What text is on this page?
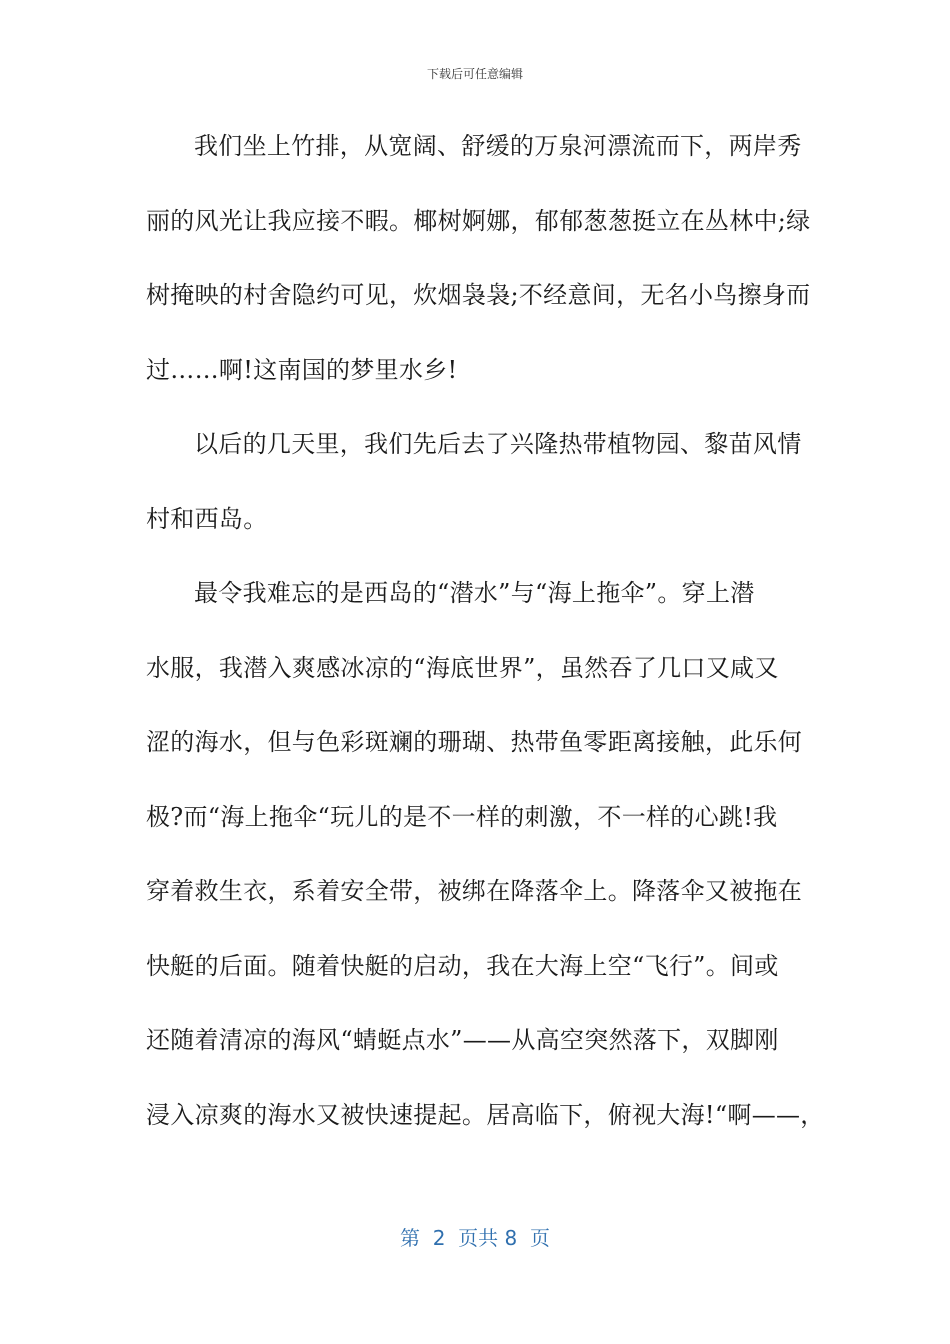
下载后可任意编辑
我们坐上竹排，从宽阔、舒缓的万泉河漂流而下，两岸秀
丽的风光让我应接不暇。椰树婀娜，郁郁葱葱挺立在丛林中;绿
树掩映的村舍隐约可见，炊烟袅袅;不经意间，无名小鸟擦身而
过……啊!这南国的梦里水乡!
以后的几天里，我们先后去了兴隆热带植物园、黎苗风情
村和西岛。
最令我难忘的是西岛的“潜水”与“海上拖伞”。穿上潜
水服，我潜入爽感冰凉的“海底世界”，虽然吞了几口又咸又
涩的海水，但与色彩斑斓的珊瑚、热带鱼零距离接触，此乐何
极?而“海上拖伞“玩儿的是不一样的刺激，不一样的心跳!我
穿着救生衣，系着安全带，被绑在降落伞上。降落伞又被拖在
快艇的后面。随着快艇的启动，我在大海上空“飞行”。间或
还随着清凉的海风“蜻蜓点水”——从高空突然落下，双脚刚
浸入凉爽的海水又被快速提起。居高临下，俯视大海!“啊——，
第  2  页共 8  页
